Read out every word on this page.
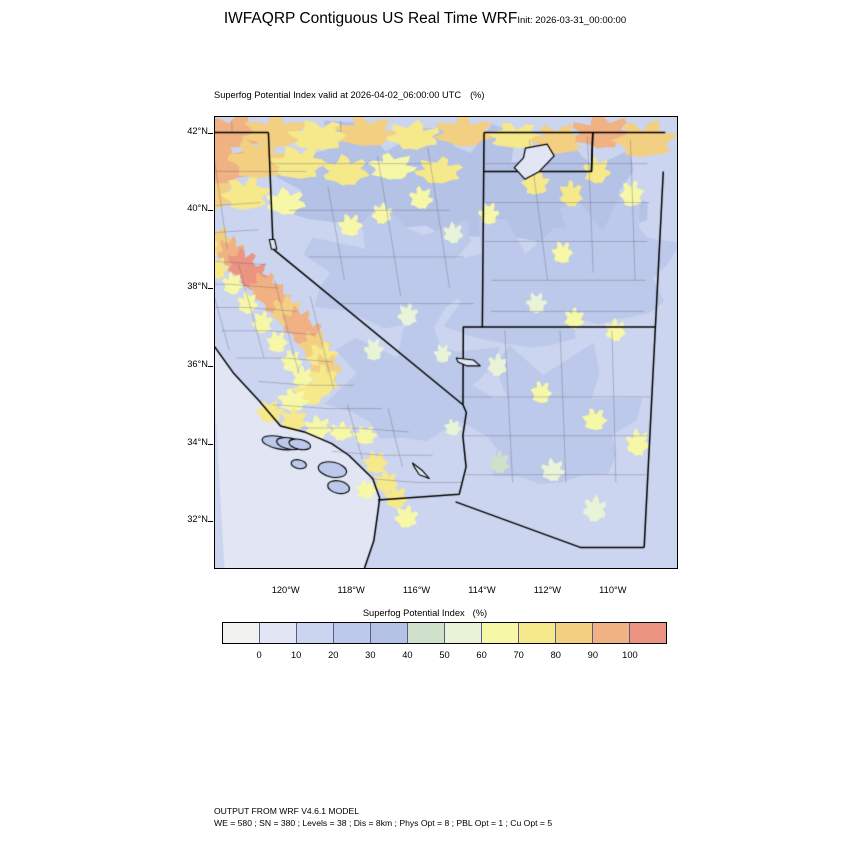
IWFAQRP Contiguous US Real Time WRFInit: 2026-03-31_00:00:00
Superfog Potential Index valid at 2026-04-02_06:00:00 UTC (%)
42°N
40°N
38°N
36°N
34°N
32°N
120°W	118°W	116°W	114°W	112°W	110°W
Superfog Potential Index (%)
0	10	20	30	40	50	60	70	80	90	100
OUTPUT FROM WRF V4.6.1 MODEL
WE = 580 ; SN = 380 ; Levels = 38 ; Dis = 8km ; Phys Opt = 8 ; PBL Opt = 1 ; Cu Opt = 5
